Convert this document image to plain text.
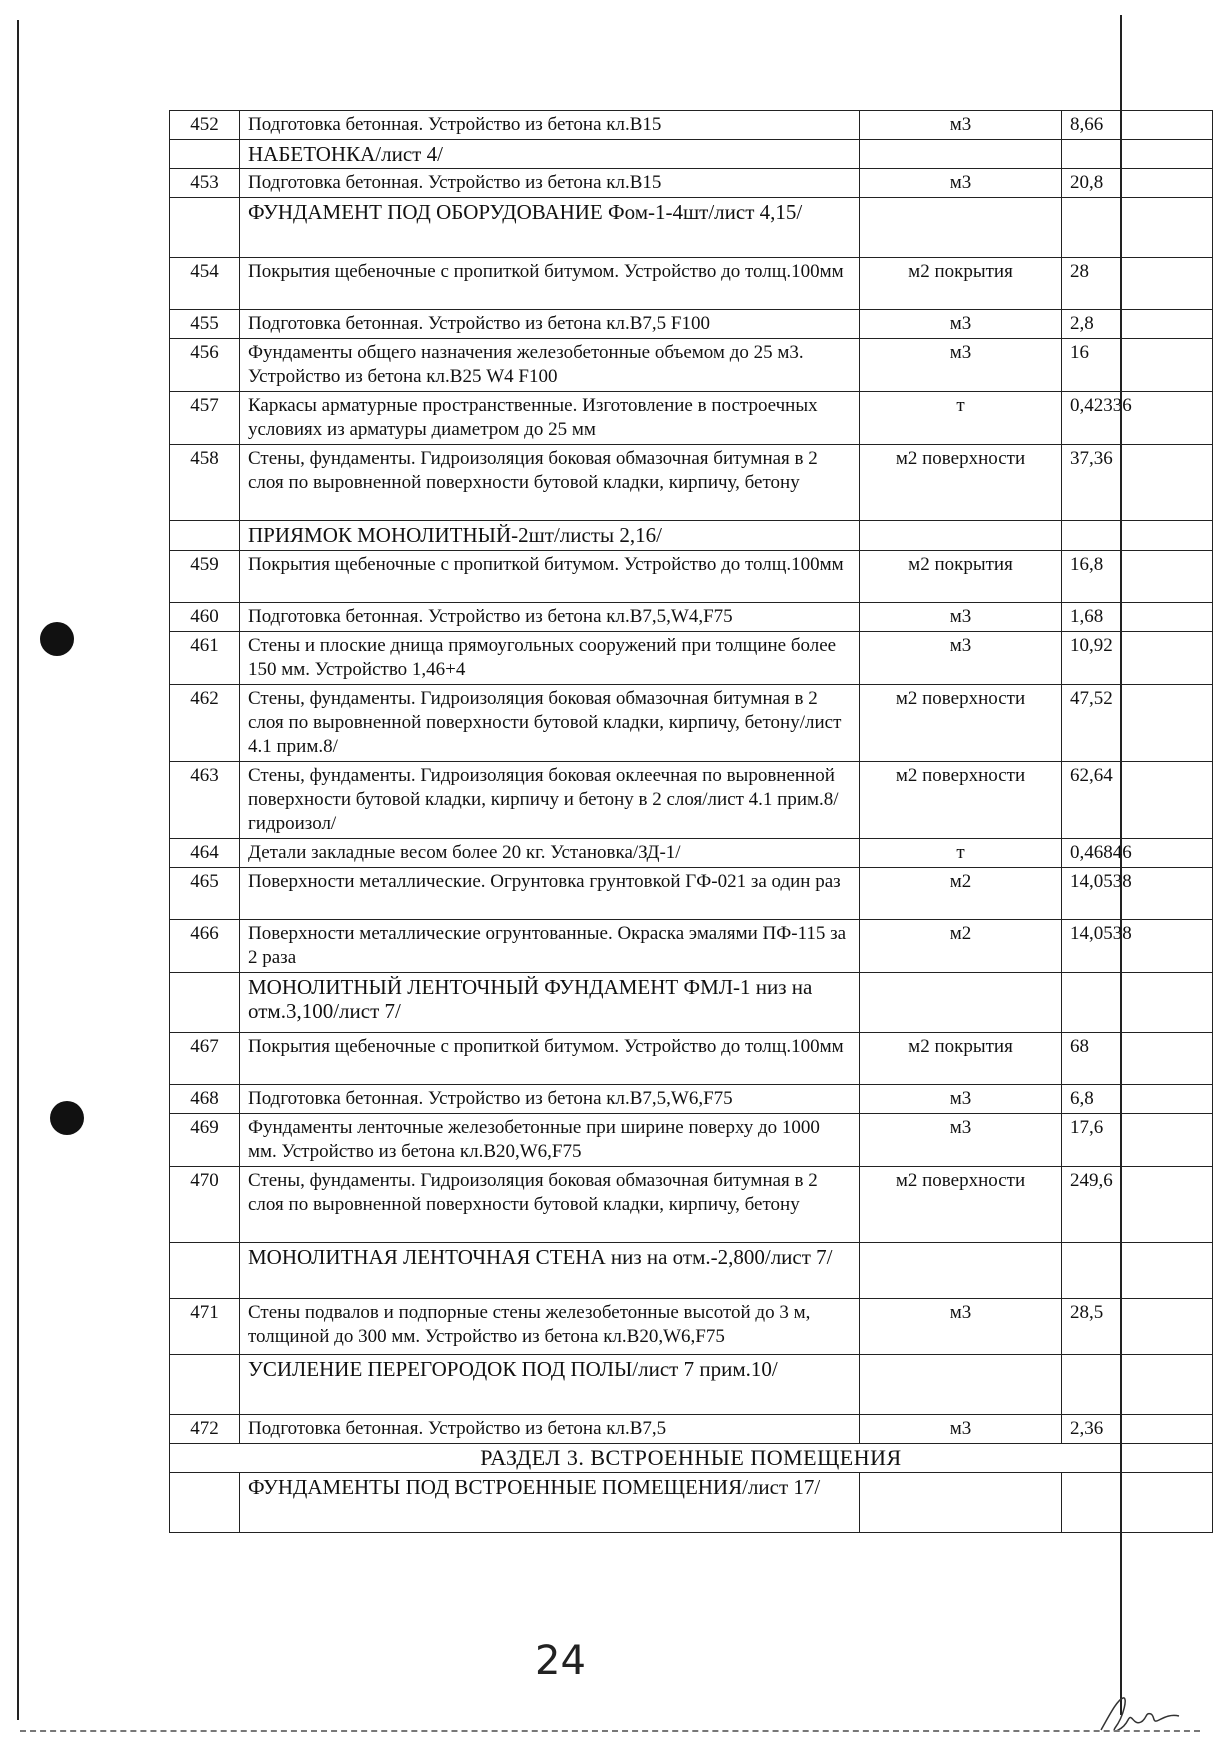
452	Подготовка бетонная. Устройство из бетона кл.В15	м3	8,66
	НАБЕТОНКА/лист 4/		
453	Подготовка бетонная. Устройство из бетона кл.В15	м3	20,8
	ФУНДАМЕНТ ПОД ОБОРУДОВАНИЕ Фом-1-4шт/лист 4,15/		
454	Покрытия щебеночные с пропиткой битумом. Устройство до толщ.100мм	м2 покрытия	28
455	Подготовка бетонная. Устройство из бетона кл.В7,5 F100	м3	2,8
456	Фундаменты общего назначения железобетонные объемом до 25 м3. Устройство из бетона кл.В25 W4 F100	м3	16
457	Каркасы арматурные пространственные. Изготовление в построечных условиях из арматуры диаметром до 25 мм	т	0,42336
458	Стены, фундаменты. Гидроизоляция боковая обмазочная битумная в 2 слоя по выровненной поверхности бутовой кладки, кирпичу, бетону	м2 поверхности	37,36
	ПРИЯМОК МОНОЛИТНЫЙ-2шт/листы 2,16/		
459	Покрытия щебеночные с пропиткой битумом. Устройство до толщ.100мм	м2 покрытия	16,8
460	Подготовка бетонная. Устройство из бетона кл.В7,5,W4,F75	м3	1,68
461	Стены и плоские днища прямоугольных сооружений при толщине более 150 мм. Устройство 1,46+4	м3	10,92
462	Стены, фундаменты. Гидроизоляция боковая обмазочная битумная в 2 слоя по выровненной поверхности бутовой кладки, кирпичу, бетону/лист 4.1 прим.8/	м2 поверхности	47,52
463	Стены, фундаменты. Гидроизоляция боковая оклеечная по выровненной поверхности бутовой кладки, кирпичу и бетону в 2 слоя/лист 4.1 прим.8/гидроизол/	м2 поверхности	62,64
464	Детали закладные весом более 20 кг. Установка/ЗД-1/	т	0,46846
465	Поверхности металлические. Огрунтовка грунтовкой ГФ-021 за один раз	м2	14,0538
466	Поверхности металлические огрунтованные. Окраска эмалями ПФ-115 за 2 раза	м2	14,0538
	МОНОЛИТНЫЙ ЛЕНТОЧНЫЙ ФУНДАМЕНТ ФМЛ-1 низ на отм.3,100/лист 7/		
467	Покрытия щебеночные с пропиткой битумом. Устройство до толщ.100мм	м2 покрытия	68
468	Подготовка бетонная. Устройство из бетона кл.В7,5,W6,F75	м3	6,8
469	Фундаменты ленточные железобетонные при ширине поверху до 1000 мм. Устройство из бетона кл.В20,W6,F75	м3	17,6
470	Стены, фундаменты. Гидроизоляция боковая обмазочная битумная в 2 слоя по выровненной поверхности бутовой кладки, кирпичу, бетону	м2 поверхности	249,6
	МОНОЛИТНАЯ ЛЕНТОЧНАЯ СТЕНА низ на отм.-2,800/лист 7/		
471	Стены подвалов и подпорные стены железобетонные высотой до 3 м, толщиной до 300 мм. Устройство из бетона кл.В20,W6,F75	м3	28,5
	УСИЛЕНИЕ ПЕРЕГОРОДОК ПОД ПОЛЫ/лист 7 прим.10/		
472	Подготовка бетонная. Устройство из бетона кл.В7,5	м3	2,36
РАЗДЕЛ 3. ВСТРОЕННЫЕ ПОМЕЩЕНИЯ			
	ФУНДАМЕНТЫ ПОД ВСТРОЕННЫЕ ПОМЕЩЕНИЯ/лист 17/		
24
